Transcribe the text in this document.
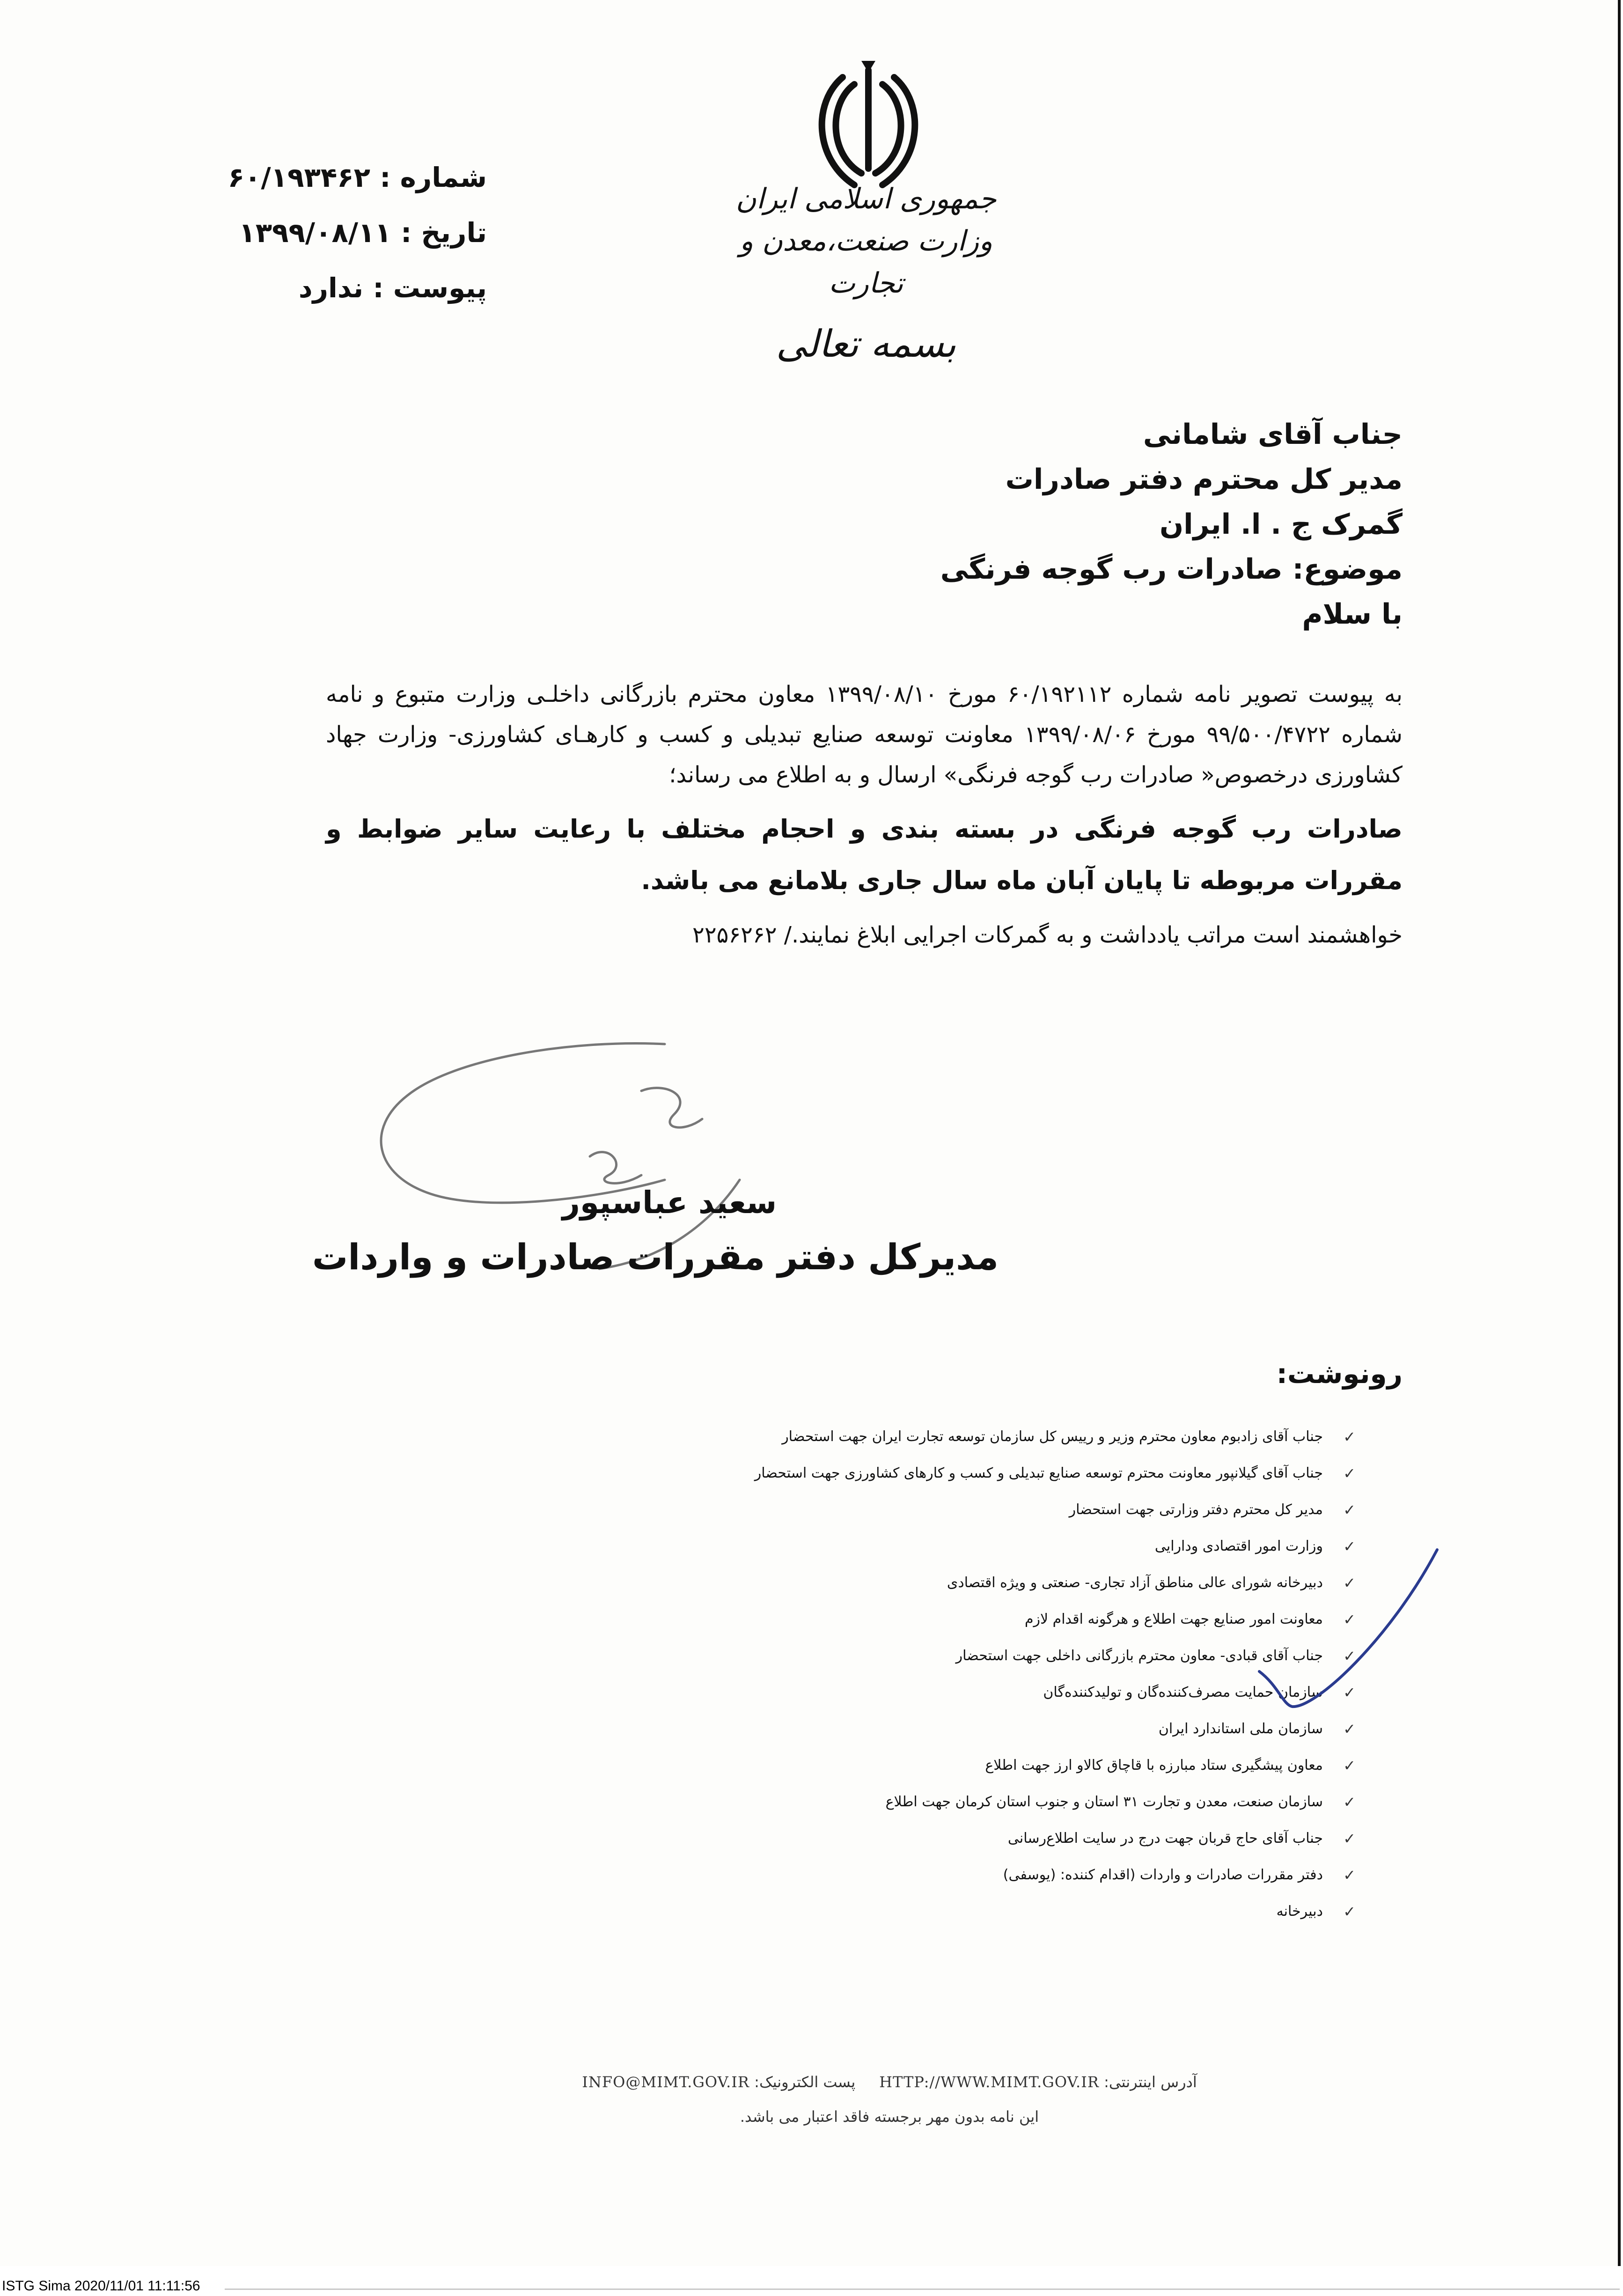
جمهوری اسلامی ایران
وزارت صنعت،معدن و تجارت
بسمه تعالی
شماره : ۶۰/۱۹۳۴۶۲
تاریخ : ۱۳۹۹/۰۸/۱۱
پیوست : ندارد
جناب آقای شامانی
مدیر کل محترم دفتر صادرات
گمرک ج . ا. ایران
موضوع: صادرات رب گوجه فرنگی
با سلام

به پیوست تصویر نامه شماره ۶۰/۱۹۲۱۱۲ مورخ ۱۳۹۹/۰۸/۱۰ معاون محترم بازرگانی داخلـی وزارت متبوع و نامه شماره ۹۹/۵۰۰/۴۷۲۲ مورخ ۱۳۹۹/۰۸/۰۶ معاونت توسعه صنایع تبدیلی و کسب و کارهـای کشاورزی- وزارت جهاد کشاورزی درخصوص« صادرات رب گوجه فرنگی» ارسال و به اطلاع می رساند؛

صادرات رب گوجه فرنگی در بسته بندی و احجام مختلف با رعایت سایر ضوابط و مقررات مربوطه تا پایان آبان ماه سال جاری بلامانع می باشد.

خواهشمند است مراتب یادداشت و به گمرکات اجرایی ابلاغ نمایند./ ۲۲۵۶۲۶۲

سعید عباسپور
مدیرکل دفتر مقررات صادرات و واردات
رونوشت:
✓
جناب آقای زادبوم معاون محترم وزیر و رییس کل سازمان توسعه تجارت ایران جهت استحضار
✓
جناب آقای گیلانپور معاونت محترم توسعه صنایع تبدیلی و کسب و کارهای کشاورزی جهت استحضار
✓
مدیر کل محترم دفتر وزارتی جهت استحضار
✓
وزارت امور اقتصادی ودارایی
✓
دبیرخانه شورای عالی مناطق آزاد تجاری- صنعتی و ویژه اقتصادی
✓
معاونت امور صنایع جهت اطلاع و هرگونه اقدام لازم
✓
جناب آقای قبادی- معاون محترم بازرگانی داخلی جهت استحضار
✓
سازمان حمایت مصرف‌کننده‌گان و تولیدکننده‌گان
✓
سازمان ملی استاندارد ایران
✓
معاون پیشگیری ستاد مبارزه با قاچاق کالاو ارز جهت اطلاع
✓
سازمان صنعت، معدن و تجارت ۳۱ استان و جنوب استان کرمان جهت اطلاع
✓
جناب آقای حاج قربان جهت درج در سایت اطلاع‌رسانی
✓
دفتر مقررات صادرات و واردات (اقدام کننده: (یوسفی)
✓
دبیرخانه
آدرس اینترنتی: HTTP://WWW.MIMT.GOV.IR     پست الکترونیک: INFO@MIMT.GOV.IR
این نامه بدون مهر برجسته فاقد اعتبار می باشد.
ISTG Sima 2020/11/01 11:11:56
